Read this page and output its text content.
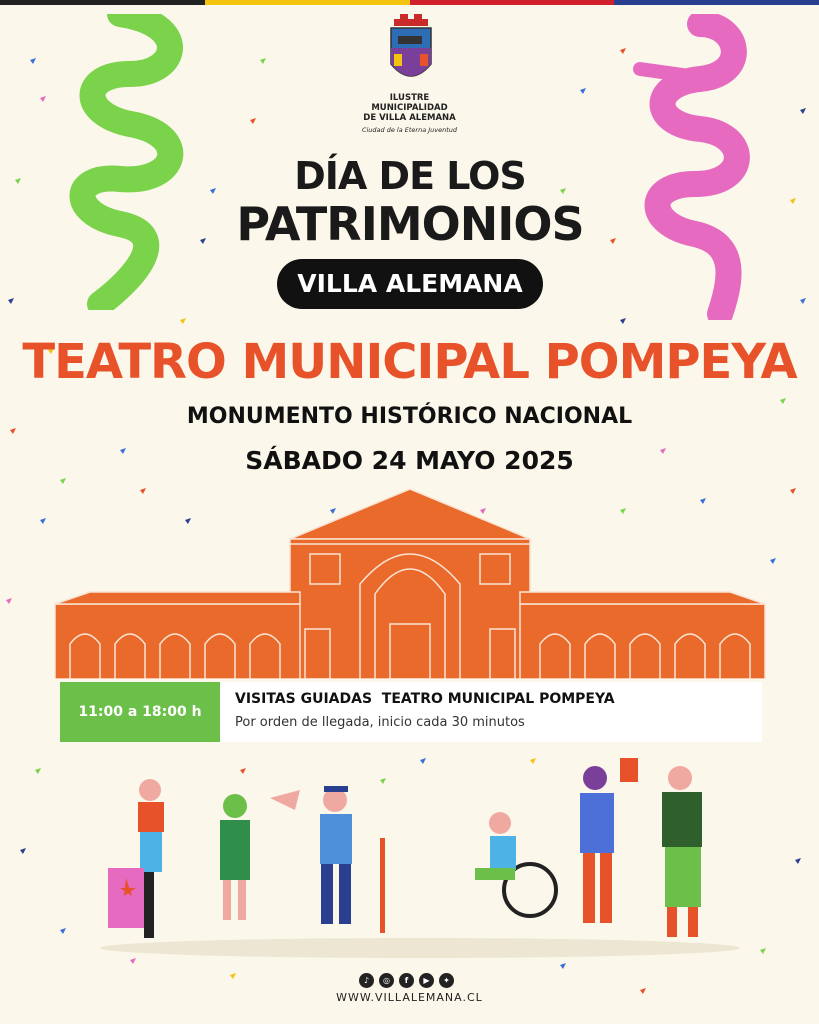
ILUSTRE
MUNICIPALIDAD
DE VILLA ALEMANA
Ciudad de la Eterna Juventud
DÍA DE LOS
PATRIMONIOS
VILLA ALEMANA
TEATRO MUNICIPAL POMPEYA
MONUMENTO HISTÓRICO NACIONAL
SÁBADO 24 MAYO 2025
11:00 a 18:00 h
VISITAS GUIADAS  TEATRO MUNICIPAL POMPEYA
Por orden de llegada, inicio cada 30 minutos
♪	◎	f	▶	✦
WWW.VILLALEMANA.CL
